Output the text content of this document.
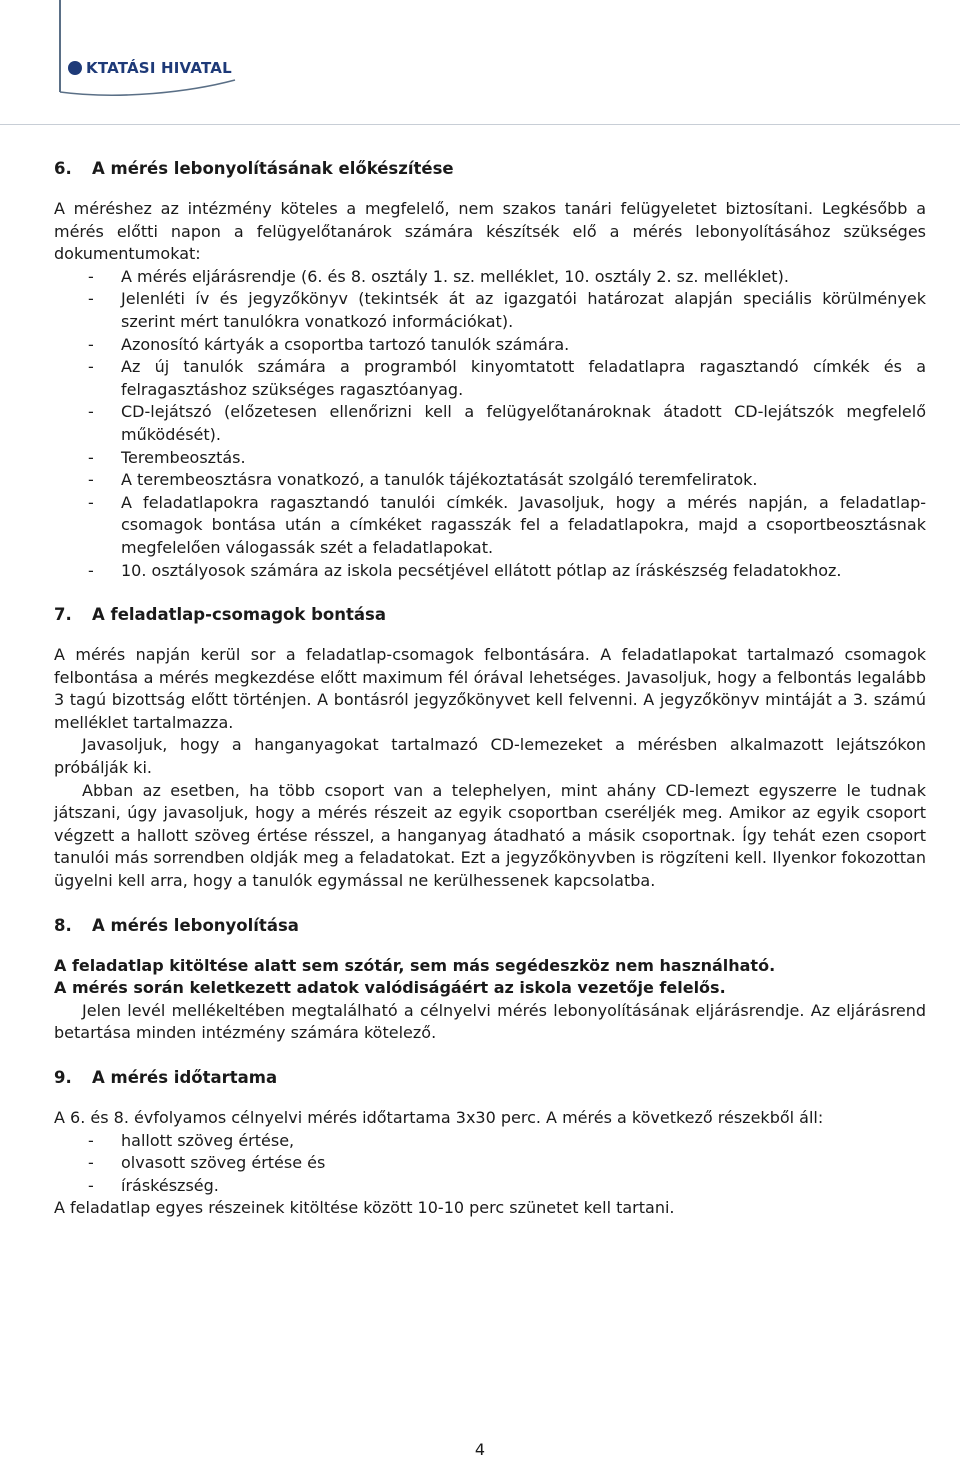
KTATÁSI HIVATAL
6. A mérés lebonyolításának előkészítése

A méréshez az intézmény köteles a megfelelő, nem szakos tanári felügyeletet biztosítani. Legkésőbb a mérés előtti napon a felügyelőtanárok számára készítsék elő a mérés lebonyolításához szükséges dokumentumokat:

- A mérés eljárásrendje (6. és 8. osztály 1. sz. melléklet, 10. osztály 2. sz. melléklet).
- Jelenléti ív és jegyzőkönyv (tekintsék át az igazgatói határozat alapján speciális körülmények szerint mért tanulókra vonatkozó információkat).
- Azonosító kártyák a csoportba tartozó tanulók számára.
- Az új tanulók számára a programból kinyomtatott feladatlapra ragasztandó címkék és a felragasztáshoz szükséges ragasztóanyag.
- CD-lejátszó (előzetesen ellenőrizni kell a felügyelőtanároknak átadott CD-lejátszók megfelelő működését).
- Terembeosztás.
- A terembeosztásra vonatkozó, a tanulók tájékoztatását szolgáló teremfeliratok.
- A feladatlapokra ragasztandó tanulói címkék. Javasoljuk, hogy a mérés napján, a feladatlap-csomagok bontása után a címkéket ragasszák fel a feladatlapokra, majd a csoportbeosztásnak megfelelően válogassák szét a feladatlapokat.
- 10. osztályosok számára az iskola pecsétjével ellátott pótlap az íráskészség feladatokhoz.
7. A feladatlap-csomagok bontása

A mérés napján kerül sor a feladatlap-csomagok felbontására. A feladatlapokat tartalmazó csomagok felbontása a mérés megkezdése előtt maximum fél órával lehetséges. Javasoljuk, hogy a felbontás legalább 3 tagú bizottság előtt történjen. A bontásról jegyzőkönyvet kell felvenni. A jegyzőkönyv mintáját a 3. számú melléklet tartalmazza.

Javasoljuk, hogy a hanganyagokat tartalmazó CD-lemezeket a mérésben alkalmazott lejátszókon próbálják ki.

Abban az esetben, ha több csoport van a telephelyen, mint ahány CD-lemezt egyszerre le tudnak játszani, úgy javasoljuk, hogy a mérés részeit az egyik csoportban cseréljék meg. Amikor az egyik csoport végzett a hallott szöveg értése résszel, a hanganyag átadható a másik csoportnak. Így tehát ezen csoport tanulói más sorrendben oldják meg a feladatokat. Ezt a jegyzőkönyvben is rögzíteni kell. Ilyenkor fokozottan ügyelni kell arra, hogy a tanulók egymással ne kerülhessenek kapcsolatba.

8. A mérés lebonyolítása

A feladatlap kitöltése alatt sem szótár, sem más segédeszköz nem használható.

A mérés során keletkezett adatok valódiságáért az iskola vezetője felelős.

Jelen levél mellékeltében megtalálható a célnyelvi mérés lebonyolításának eljárásrendje. Az eljárásrend betartása minden intézmény számára kötelező.

9. A mérés időtartama

A 6. és 8. évfolyamos célnyelvi mérés időtartama 3x30 perc. A mérés a következő részekből áll:

- hallott szöveg értése,
- olvasott szöveg értése és
- íráskészség.

A feladatlap egyes részeinek kitöltése között 10-10 perc szünetet kell tartani.

4
